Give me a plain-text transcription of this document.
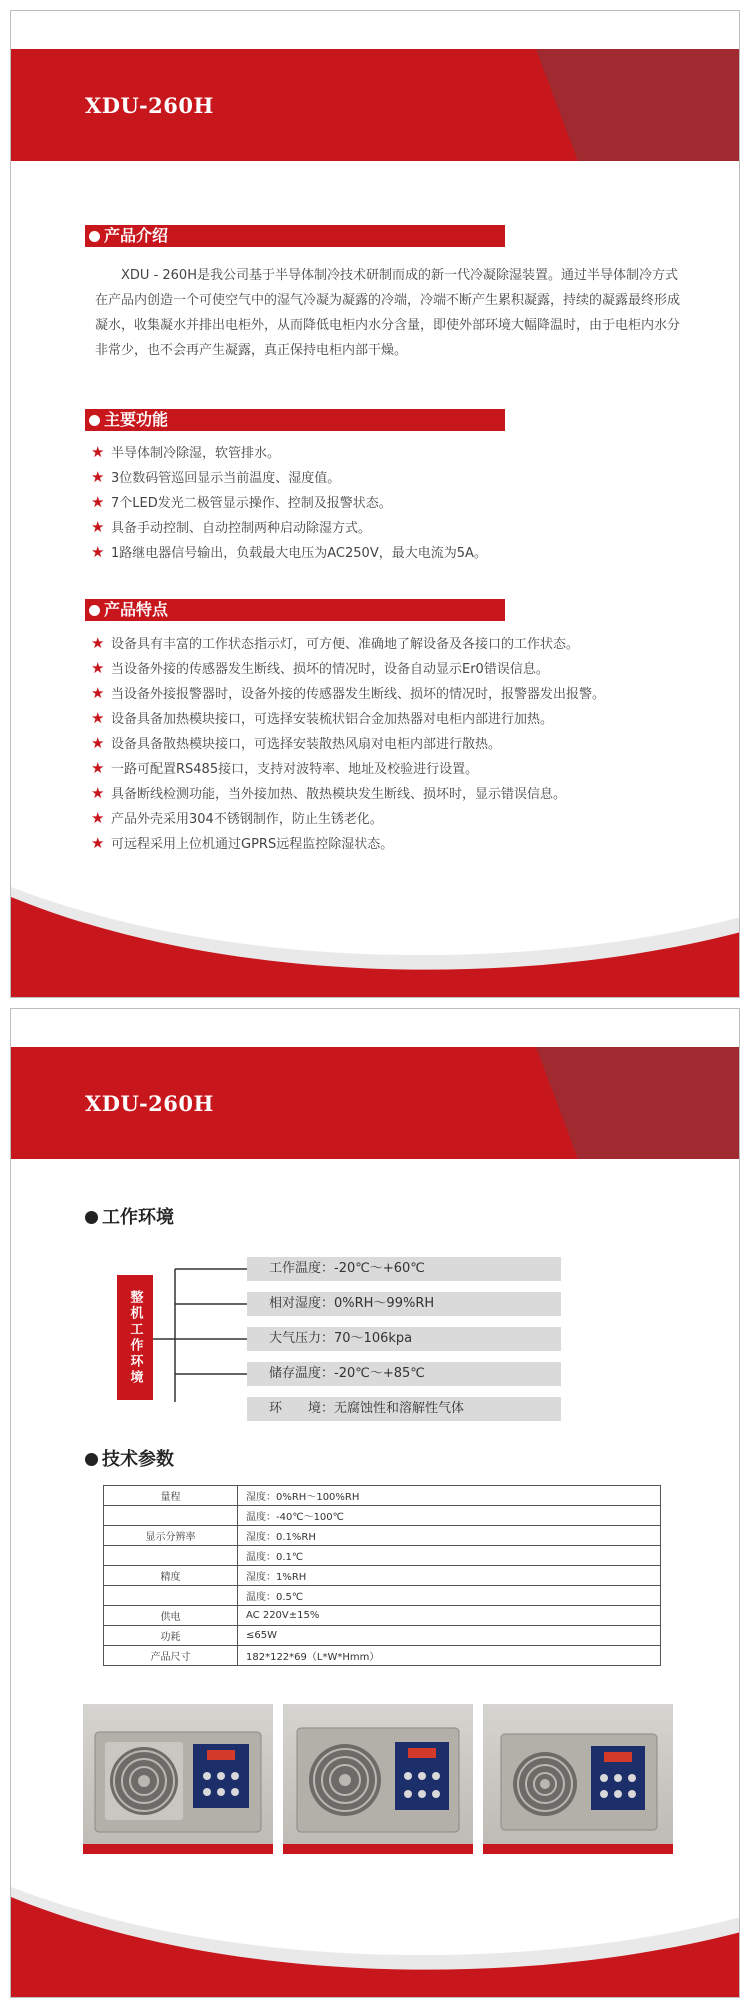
XDU-260H
产品介绍

XDU - 260H是我公司基于半导体制冷技术研制而成的新一代冷凝除湿装置。通过半导体制冷方式在产品内创造一个可使空气中的湿气冷凝为凝露的冷端，冷端不断产生累积凝露，持续的凝露最终形成凝水，收集凝水并排出电柜外，从而降低电柜内水分含量，即使外部环境大幅降温时，由于电柜内水分非常少，也不会再产生凝露，真正保持电柜内部干燥。

主要功能
★ 半导体制冷除湿，软管排水。
★ 3位数码管巡回显示当前温度、湿度值。
★ 7个LED发光二极管显示操作、控制及报警状态。
★ 具备手动控制、自动控制两种启动除湿方式。
★ 1路继电器信号输出，负载最大电压为AC250V，最大电流为5A。
产品特点
★ 设备具有丰富的工作状态指示灯，可方便、准确地了解设备及各接口的工作状态。
★ 当设备外接的传感器发生断线、损坏的情况时，设备自动显示Er0错误信息。
★ 当设备外接报警器时，设备外接的传感器发生断线、损坏的情况时，报警器发出报警。
★ 设备具备加热模块接口，可选择安装梳状铝合金加热器对电柜内部进行加热。
★ 设备具备散热模块接口，可选择安装散热风扇对电柜内部进行散热。
★ 一路可配置RS485接口，支持对波特率、地址及校验进行设置。
★ 具备断线检测功能，当外接加热、散热模块发生断线、损坏时，显示错误信息。
★ 产品外壳采用304不锈钢制作，防止生锈老化。
★ 可远程采用上位机通过GPRS远程监控除湿状态。
XDU-260H
工作环境
整机工作环境
工作温度：-20℃～+60℃
相对湿度：0%RH～99%RH
大气压力：70～106kpa
储存温度：-20℃～+85℃
环　　境：无腐蚀性和溶解性气体
技术参数
量程	湿度：0%RH～100%RH
	温度：-40℃～100℃
显示分辨率	湿度：0.1%RH
	温度：0.1℃
精度	湿度：1%RH
	温度：0.5℃
供电	AC 220V±15%
功耗	≤65W
产品尺寸	182*122*69（L*W*Hmm）
